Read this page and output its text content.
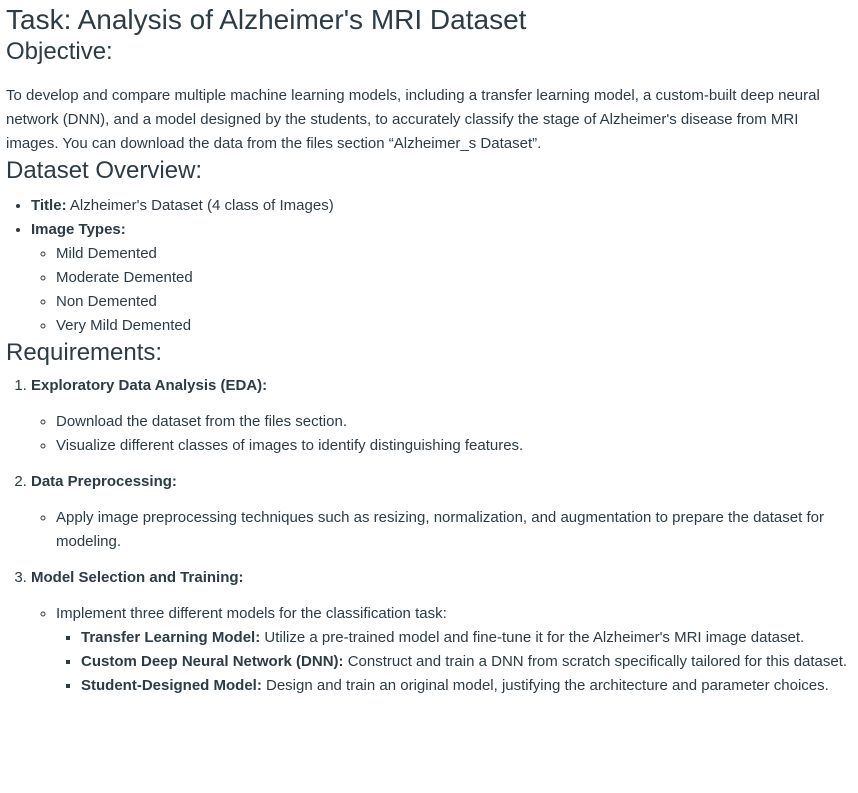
Task: Analysis of Alzheimer's MRI Dataset
Objective:

To develop and compare multiple machine learning models, including a transfer learning model, a custom-built deep neural network (DNN), and a model designed by the students, to accurately classify the stage of Alzheimer's disease from MRI images. You can download the data from the files section “Alzheimer_s Dataset”.

Dataset Overview:
• Title: Alzheimer's Dataset (4 class of Images)
• Image Types:
◦ Mild Demented
◦ Moderate Demented
◦ Non Demented
◦ Very Mild Demented
Requirements:
1. Exploratory Data Analysis (EDA):
◦ Download the dataset from the files section.
◦ Visualize different classes of images to identify distinguishing features.
2. Data Preprocessing:
◦ Apply image preprocessing techniques such as resizing, normalization, and augmentation to prepare the dataset for modeling.
3. Model Selection and Training:
◦ Implement three different models for the classification task:
▪ Transfer Learning Model: Utilize a pre-trained model and fine-tune it for the Alzheimer's MRI image dataset.
▪ Custom Deep Neural Network (DNN): Construct and train a DNN from scratch specifically tailored for this dataset.
▪ Student-Designed Model: Design and train an original model, justifying the architecture and parameter choices.
